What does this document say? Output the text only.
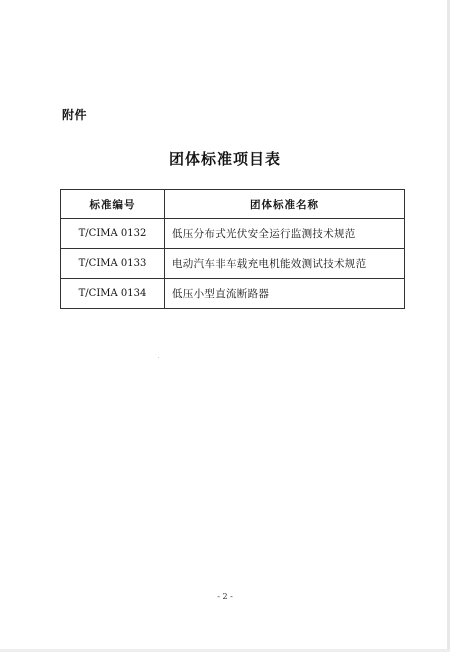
附件
团体标准项目表
标准编号	团体标准名称
T/CIMA 0132	低压分布式光伏安全运行监测技术规范
T/CIMA 0133	电动汽车非车载充电机能效测试技术规范
T/CIMA 0134	低压小型直流断路器
- 2 -
